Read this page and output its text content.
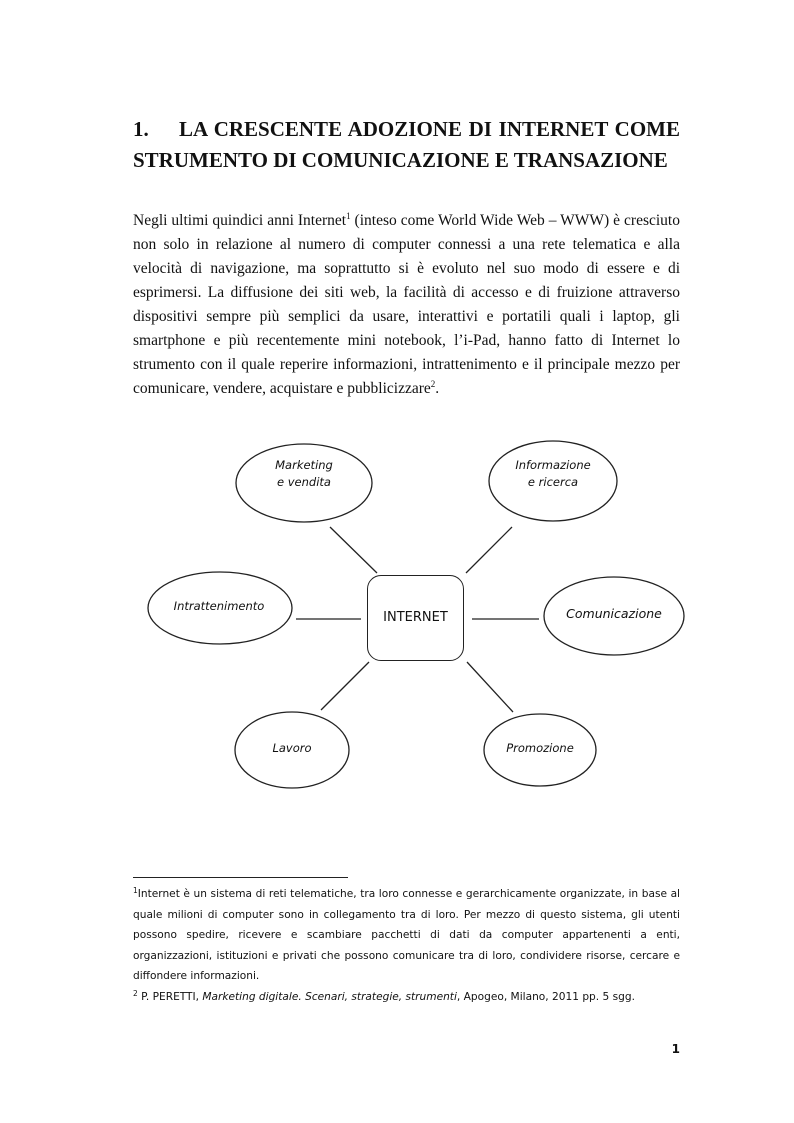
1.	LA CRESCENTE ADOZIONE DI INTERNET COME
STRUMENTO DI COMUNICAZIONE E TRANSAZIONE

Negli ultimi quindici anni Internet$^1$ (inteso come World Wide Web – WWW) è cresciuto non solo in relazione al numero di computer connessi a una rete telematica e alla velocità di navigazione, ma soprattutto si è evoluto nel suo modo di essere e di esprimersi. La diffusione dei siti web, la facilità di accesso e di fruizione attraverso dispositivi sempre più semplici da usare, interattivi e portatili quali i laptop, gli smartphone e più recentemente mini notebook, l’i-Pad, hanno fatto di Internet lo strumento con il quale reperire informazioni, intrattenimento e il principale mezzo per comunicare, vendere, acquistare e pubblicizzare$^2$.

INTERNET
Marketing
e vendita
Informazione
e ricerca
Intrattenimento	Comunicazione
Lavoro	Promozione

$^1$Internet è un sistema di reti telematiche, tra loro connesse e gerarchicamente organizzate, in base al quale milioni di computer sono in collegamento tra di loro. Per mezzo di questo sistema, gli utenti possono spedire, ricevere e scambiare pacchetti di dati da computer appartenenti a enti, organizzazioni, istituzioni e privati che possono comunicare tra di loro, condividere risorse, cercare e diffondere informazioni.

$^2$ P. PERETTI, Marketing digitale. Scenari, strategie, strumenti, Apogeo, Milano, 2011 pp. 5 sgg.

1
